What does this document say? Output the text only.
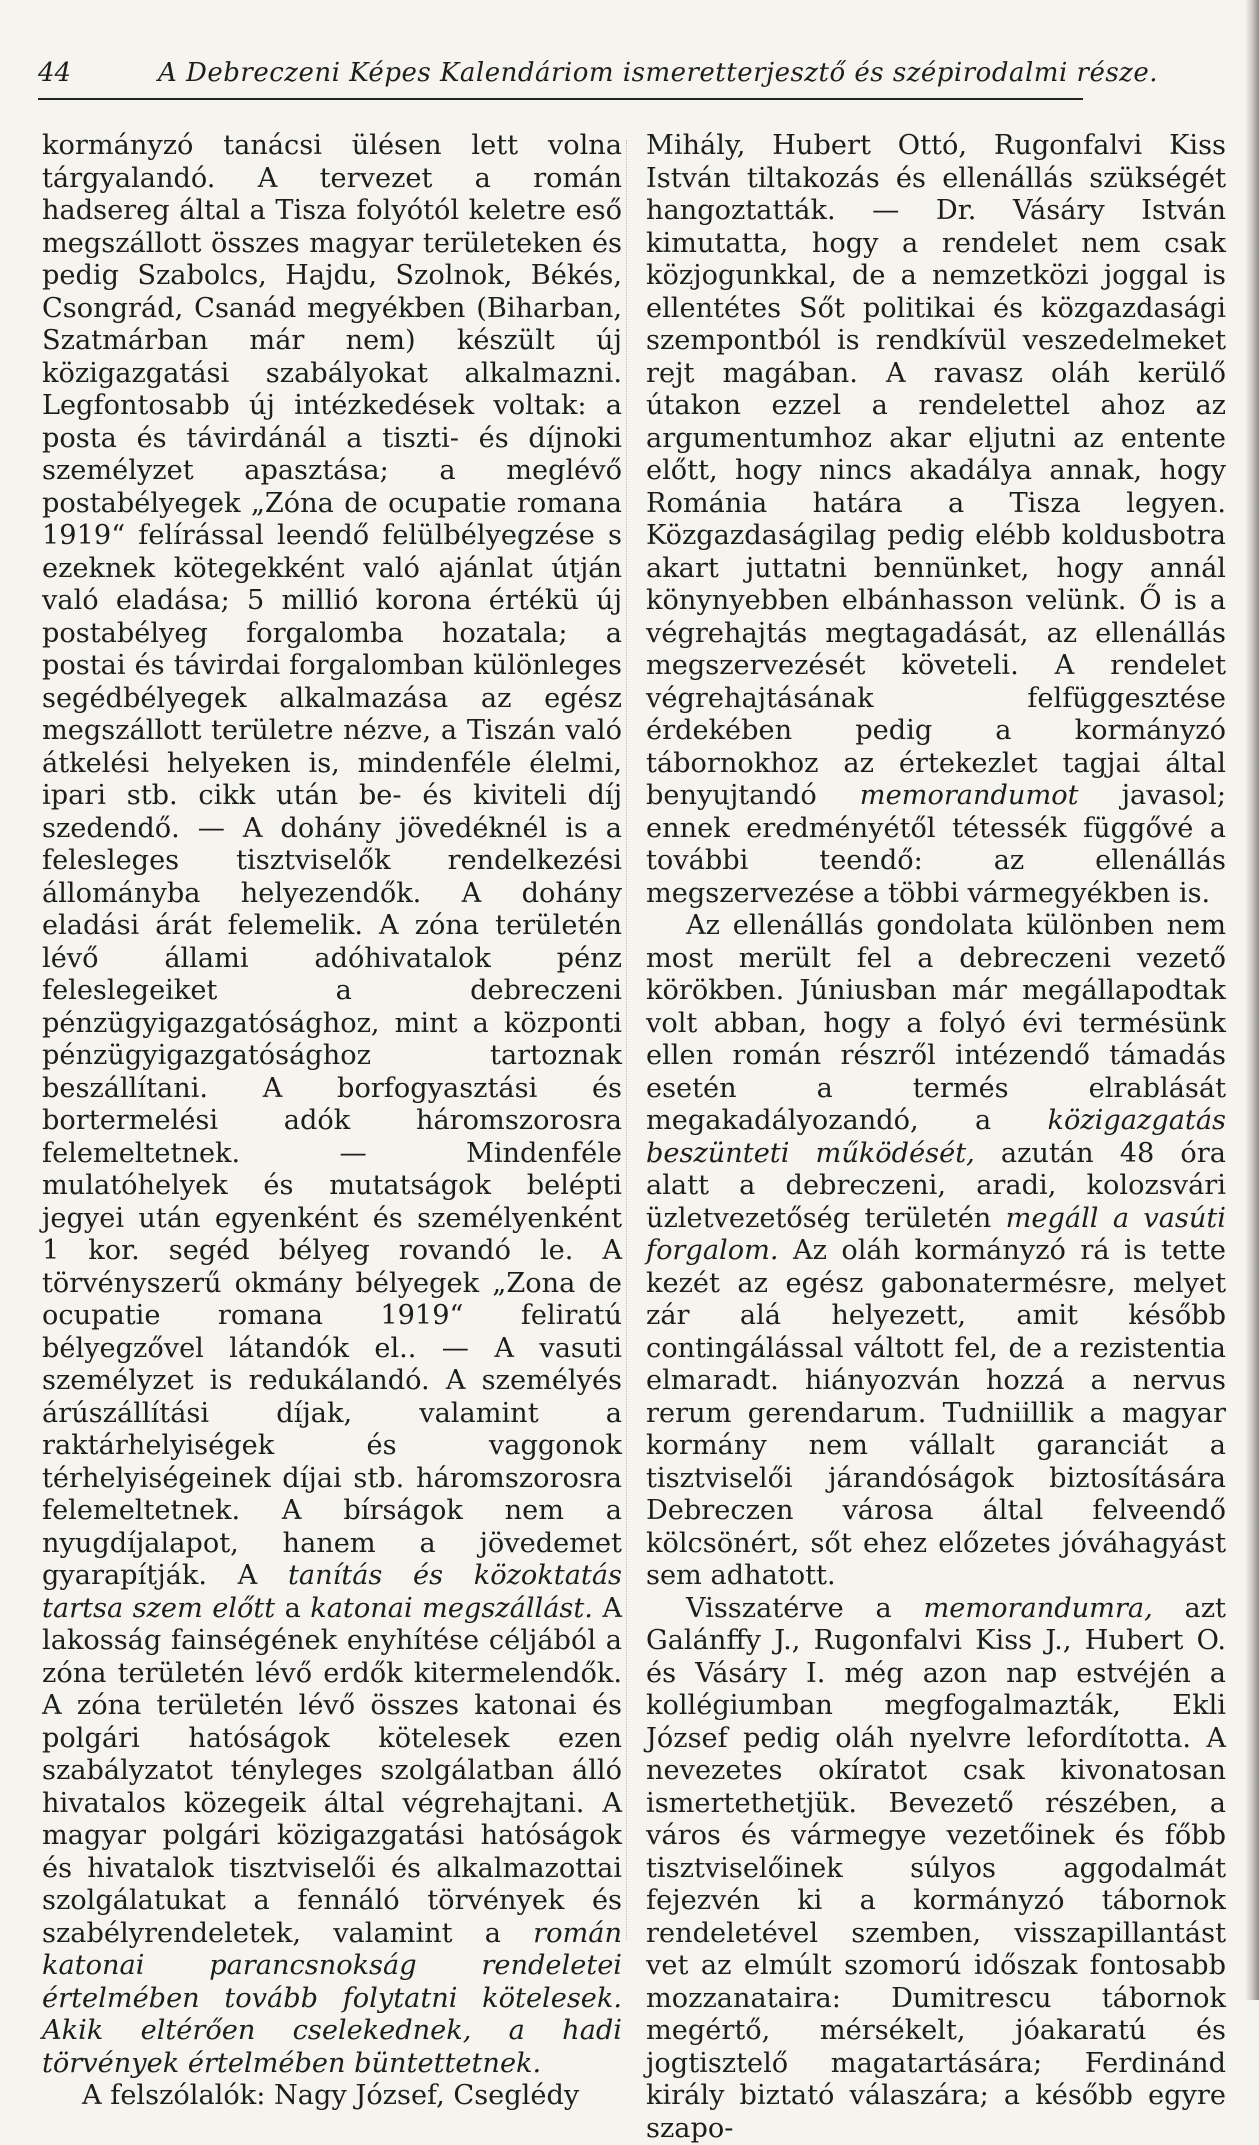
44	A Debreczeni Képes Kalendáriom ismeretterjesztő és szépirodalmi része.

kormányzó tanácsi ülésen lett volna tárgyalandó. A tervezet a román hadsereg által a Tisza folyótól keletre eső megszállott összes magyar területeken és pedig Szabolcs, Hajdu, Szolnok, Békés, Csongrád, Csanád megyékben (Biharban, Szatmárban már nem) készült új közigazgatási szabályokat alkalmazni. Legfontosabb új intézkedések voltak: a posta és távirdánál a tiszti- és díjnoki személyzet apasztása; a meglévő postabélyegek „Zóna de ocupatie romana 1919“ felírással leendő felülbélyegzése s ezeknek kötegekként való ajánlat útján való eladása; 5 millió korona értékü új postabélyeg forgalomba hozatala; a postai és távirdai forgalomban különleges segédbélyegek alkalmazása az egész megszállott területre nézve, a Tiszán való átkelési helyeken is, mindenféle élelmi, ipari stb. cikk után be- és kiviteli díj szedendő. — A dohány jövedéknél is a felesleges tisztviselők rendelkezési állományba helyezendők. A dohány eladási árát felemelik. A zóna területén lévő állami adóhivatalok pénz feleslegeiket a debreczeni pénzügyigazgatósághoz, mint a központi pénzügyigazgatósághoz tartoznak beszállítani. A borfogyasztási és bortermelési adók háromszorosra felemeltetnek. — Mindenféle mulatóhelyek és mutatságok belépti jegyei után egyenként és személyenként 1 kor. segéd bélyeg rovandó le. A törvényszerű okmány bélyegek „Zona de ocupatie romana 1919“ feliratú bélyegzővel látandók el.. — A vasuti személyzet is redukálandó. A személyés árúszállítási díjak, valamint a raktárhelyiségek és vaggonok térhelyiségeinek díjai stb. háromszorosra felemeltetnek. A bírságok nem a nyugdíjalapot, hanem a jövedemet gyarapítják. A tanítás és közoktatás tartsa szem előtt a katonai megszállást. A lakosság fainségének enyhítése céljából a zóna területén lévő erdők kitermelendők. A zóna területén lévő összes katonai és polgári hatóságok kötelesek ezen szabályzatot tényleges szolgálatban álló hivatalos közegeik által végrehajtani. A magyar polgári közigazgatási hatóságok és hivatalok tisztviselői és alkalmazottai szolgálatukat a fennáló törvények és szabélyrendeletek, valamint a román katonai parancsnokság rendeletei értelmében tovább folytatni kötelesek. Akik eltérően cselekednek, a hadi törvények értelmében büntettetnek.

A felszólalók: Nagy József, Cseglédy

Mihály, Hubert Ottó, Rugonfalvi Kiss István tiltakozás és ellenállás szükségét hangoztatták. — Dr. Vásáry István kimutatta, hogy a rendelet nem csak közjogunkkal, de a nemzetközi joggal is ellentétes Sőt politikai és közgazdasági szempontból is rendkívül veszedelmeket rejt magában. A ravasz oláh kerülő útakon ezzel a rendelettel ahoz az argumentumhoz akar eljutni az entente előtt, hogy nincs akadálya annak, hogy Románia határa a Tisza legyen. Közgazdaságilag pedig elébb koldusbotra akart juttatni bennünket, hogy annál könynyebben elbánhasson velünk. Ő is a végrehajtás megtagadását, az ellenállás megszervezését követeli. A rendelet végrehajtásának felfüggesztése érdekében pedig a kormányzó tábornokhoz az értekezlet tagjai által benyujtandó memorandumot javasol; ennek eredményétől tétessék függővé a további teendő: az ellenállás megszervezése a többi vármegyékben is.

Az ellenállás gondolata különben nem most merült fel a debreczeni vezető körökben. Júniusban már megállapodtak volt abban, hogy a folyó évi termésünk ellen román részről intézendő támadás esetén a termés elrablását megakadályozandó, a közigazgatás beszünteti működését, azután 48 óra alatt a debreczeni, aradi, kolozsvári üzletvezetőség területén megáll a vasúti forgalom. Az oláh kormányzó rá is tette kezét az egész gabonatermésre, melyet zár alá helyezett, amit később contingálással váltott fel, de a rezistentia elmaradt. hiányozván hozzá a nervus rerum gerendarum. Tudniillik a magyar kormány nem vállalt garanciát a tisztviselői járandóságok biztosítására Debreczen városa által felveendő kölcsönért, sőt ehez előzetes jóváhagyást sem adhatott.

Visszatérve a memorandumra, azt Galánffy J., Rugonfalvi Kiss J., Hubert O. és Vásáry I. még azon nap estvéjén a kollégiumban megfogalmazták, Ekli József pedig oláh nyelvre lefordította. A nevezetes okíratot csak kivonatosan ismertethetjük. Bevezető részében, a város és vármegye vezetőinek és főbb tisztviselőinek súlyos aggodalmát fejezvén ki a kormányzó tábornok rendeletével szemben, visszapillantást vet az elmúlt szomorú időszak fontosabb mozzanataira: Dumitrescu tábornok megértő, mérsékelt, jóakaratú és jogtisztelő magatartására; Ferdinánd király biztató válaszára; a később egyre szapo-
